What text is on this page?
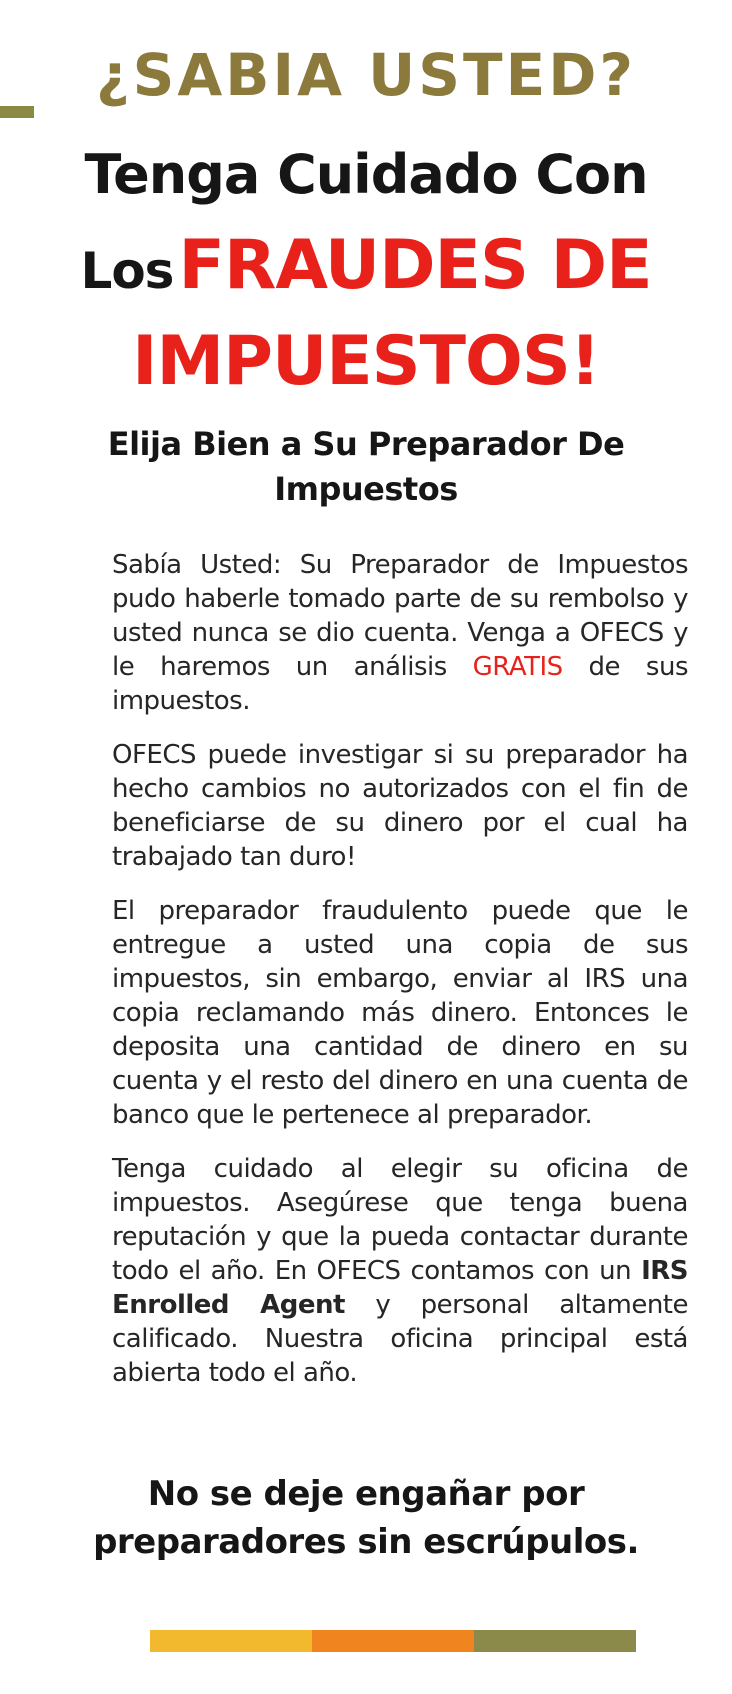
¿SABIA USTED?
Tenga Cuidado Con
Los FRAUDES DE
IMPUESTOS!
Elija Bien a Su Preparador De Impuestos

Sabía Usted: Su Preparador de Impuestos pudo haberle tomado parte de su rembolso y usted nunca se dio cuenta. Venga a OFECS y le haremos un análisis GRATIS de sus impuestos.

OFECS puede investigar si su preparador ha hecho cambios no autorizados con el fin de beneficiarse de su dinero por el cual ha trabajado tan duro!

El preparador fraudulento puede que le entregue a usted una copia de sus impuestos, sin embargo, enviar al IRS una copia reclamando más dinero. Entonces le deposita una cantidad de dinero en su cuenta y el resto del dinero en una cuenta de banco que le pertenece al preparador.

Tenga cuidado al elegir su oficina de impuestos. Asegúrese que tenga buena reputación y que la pueda contactar durante todo el año. En OFECS contamos con un IRS Enrolled Agent y personal altamente calificado. Nuestra oficina principal está abierta todo el año.

No se deje engañar por preparadores sin escrúpulos.
